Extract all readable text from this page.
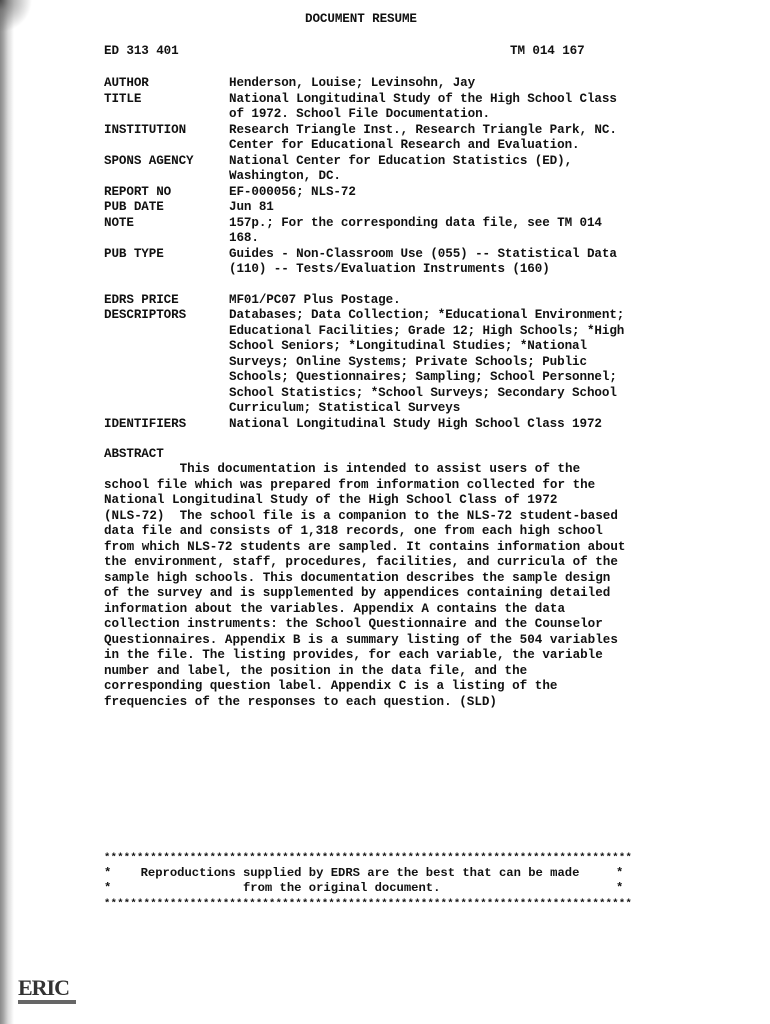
DOCUMENT RESUME
ED 313 401	TM 014 167
AUTHOR	Henderson, Louise; Levinsohn, Jay
TITLE	National Longitudinal Study of the High School Class
of 1972. School File Documentation.
INSTITUTION	Research Triangle Inst., Research Triangle Park, NC.
Center for Educational Research and Evaluation.
SPONS AGENCY	National Center for Education Statistics (ED),
Washington, DC.
REPORT NO	EF-000056; NLS-72
PUB DATE	Jun 81
NOTE	157p.; For the corresponding data file, see TM 014
168.
PUB TYPE	Guides - Non-Classroom Use (055) -- Statistical Data
(110) -- Tests/Evaluation Instruments (160)
EDRS PRICE	MF01/PC07 Plus Postage.
DESCRIPTORS	Databases; Data Collection; *Educational Environment;
Educational Facilities; Grade 12; High Schools; *High
School Seniors; *Longitudinal Studies; *National
Surveys; Online Systems; Private Schools; Public
Schools; Questionnaires; Sampling; School Personnel;
School Statistics; *School Surveys; Secondary School
Curriculum; Statistical Surveys
IDENTIFIERS	National Longitudinal Study High School Class 1972
ABSTRACT
This documentation is intended to assist users of the
school file which was prepared from information collected for the
National Longitudinal Study of the High School Class of 1972
(NLS-72)  The school file is a companion to the NLS-72 student-based
data file and consists of 1,318 records, one from each high school
from which NLS-72 students are sampled. It contains information about
the environment, staff, procedures, facilities, and curricula of the
sample high schools. This documentation describes the sample design
of the survey and is supplemented by appendices containing detailed
information about the variables. Appendix A contains the data
collection instruments: the School Questionnaire and the Counselor
Questionnaires. Appendix B is a summary listing of the 504 variables
in the file. The listing provides, for each variable, the variable
number and label, the position in the data file, and the
corresponding question label. Appendix C is a listing of the
frequencies of the responses to each question. (SLD)
********************************************************************************
*    Reproductions supplied by EDRS are the best that can be made     *
*                  from the original document.                        *
********************************************************************************
ERIC
